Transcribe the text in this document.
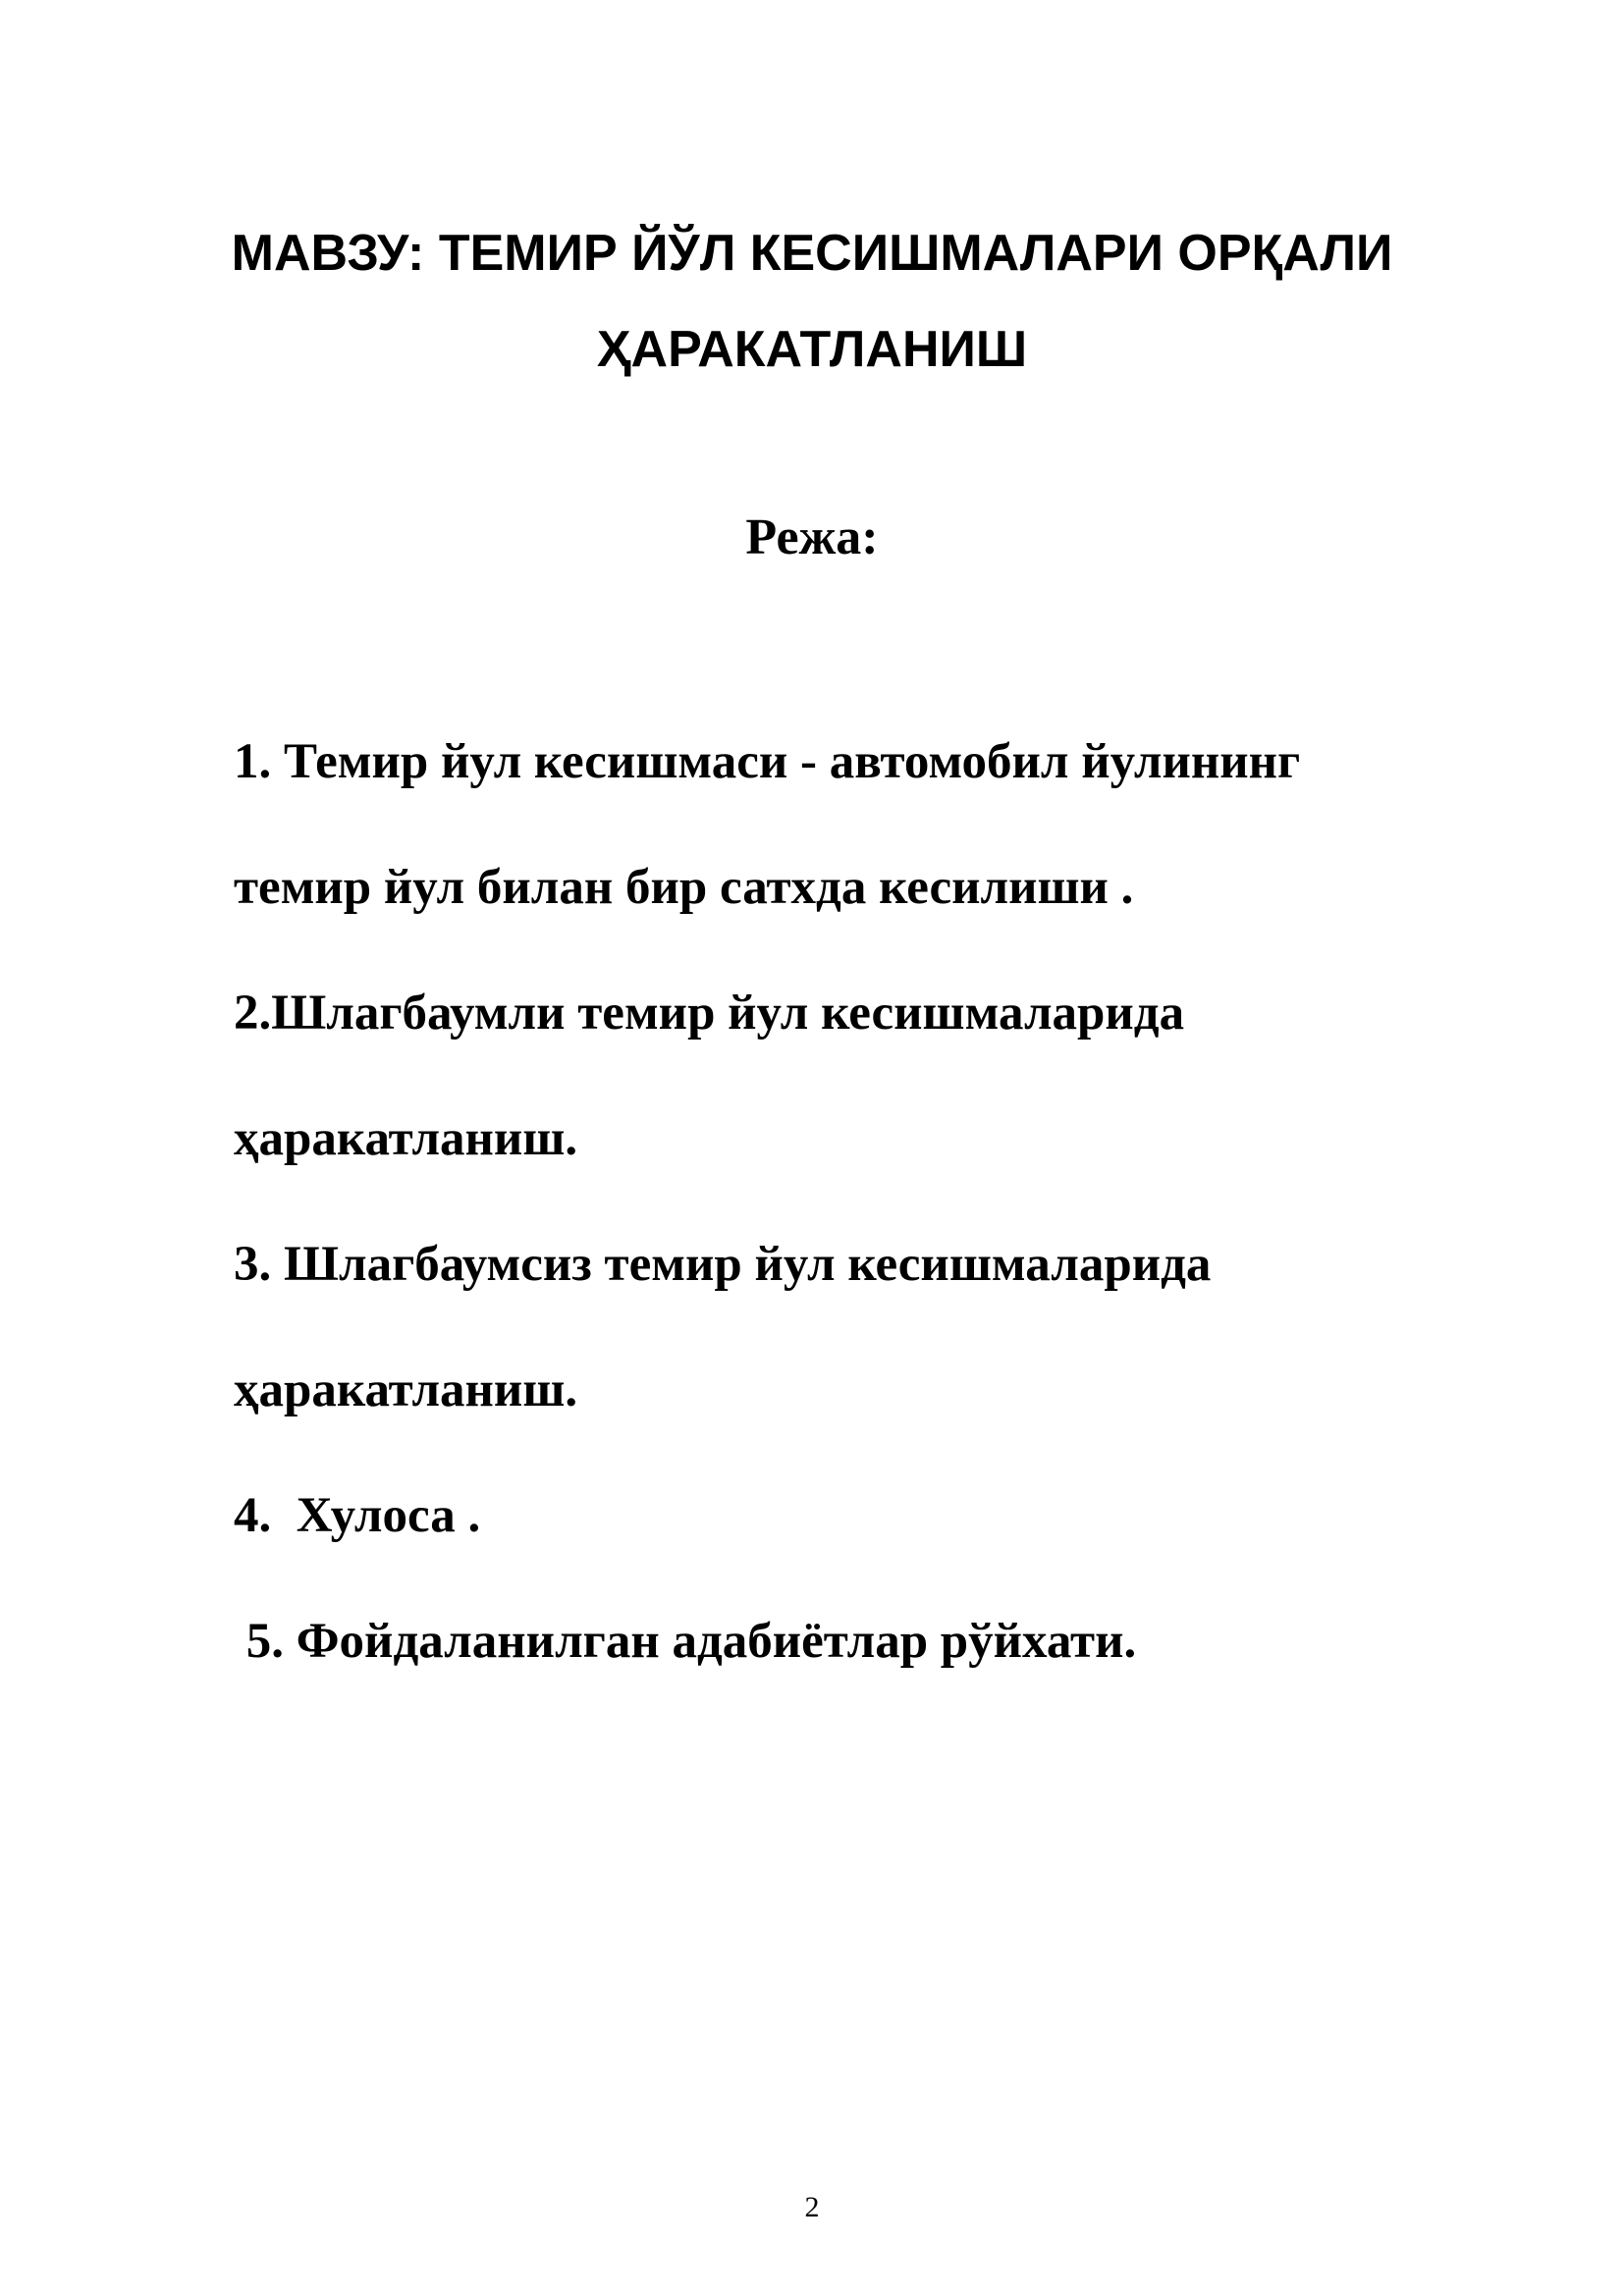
МАВЗУ: ТЕМИР ЙЎЛ КЕСИШМАЛАРИ ОРҚАЛИ
ҲАРАКАТЛАНИШ
Режа:

1. Темир йул кесишмаси - автомобил йулининг

темир йул билан бир сатхда кесилиши .

2.Шлагбаумли темир йул кесишмаларида

ҳаракатланиш.

3. Шлагбаумсиз темир йул кесишмаларида

ҳаракатланиш.

4.  Хулоса .

5. Фойдаланилган адабиётлар рўйхати.

2
